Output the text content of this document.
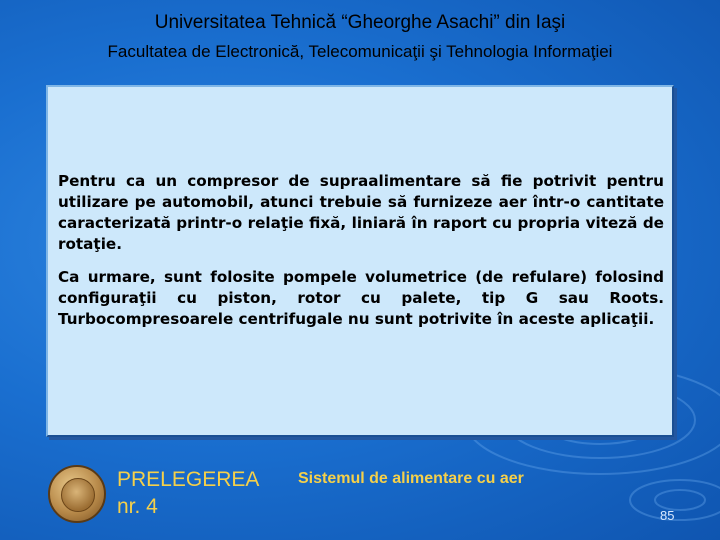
Universitatea Tehnică “Gheorghe Asachi” din Iaşi
Facultatea de Electronică, Telecomunicaţii şi Tehnologia Informaţiei

Pentru ca un compresor de supraalimentare să fie potrivit pentru utilizare pe automobil, atunci trebuie să furnizeze aer într-o cantitate caracterizată printr-o relaţie fixă, liniară în raport cu propria viteză de rotaţie.

Ca urmare, sunt folosite pompele volumetrice (de refulare) folosind configuraţii cu piston, rotor cu palete, tip G sau Roots. Turbocompresoarele centrifugale nu sunt potrivite în aceste aplicaţii.

PRELEGEREA
nr. 4
Sistemul de alimentare cu aer
85
